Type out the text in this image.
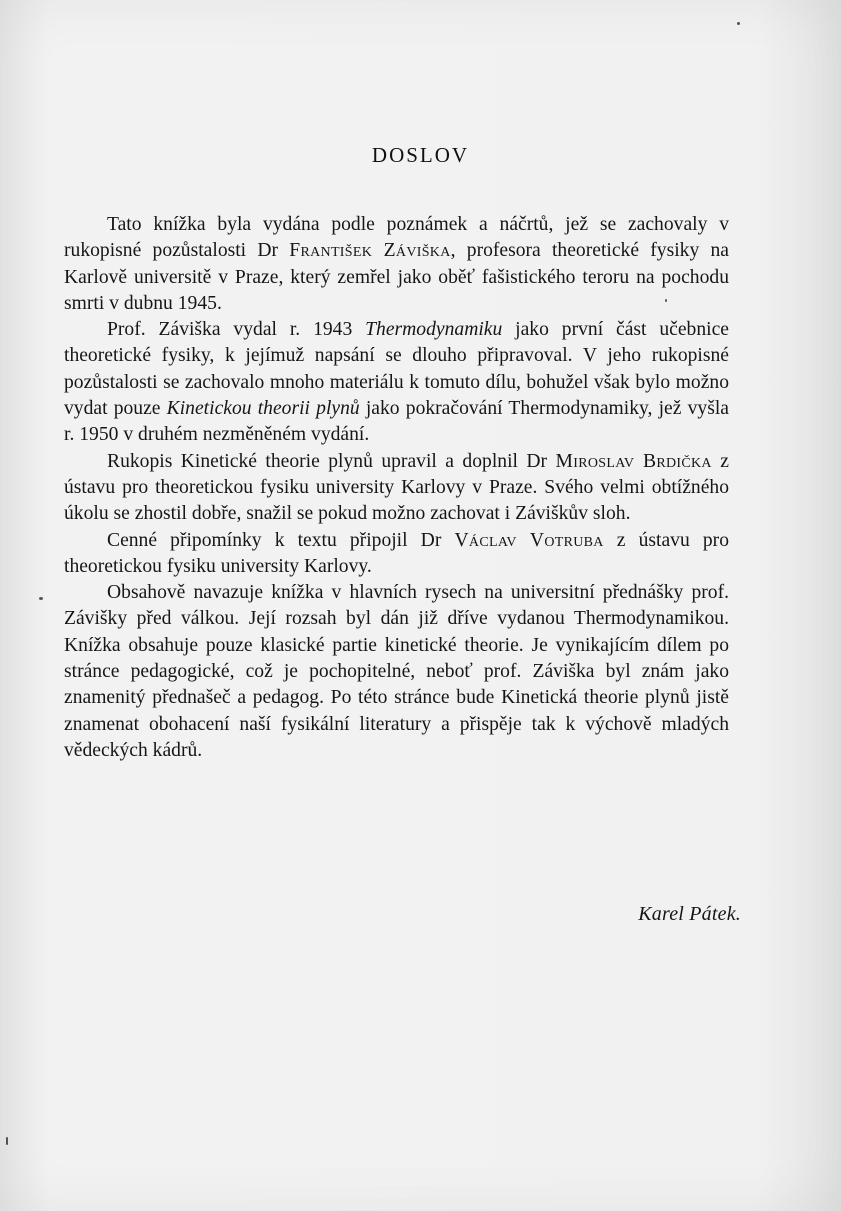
DOSLOV

Tato knížka byla vydána podle poznámek a náčrtů, jež se zachovaly v rukopisné pozůstalosti Dr František Záviška, profesora theoretické fysiky na Karlově universitě v Praze, který zemřel jako oběť fašistického teroru na pochodu smrti v dubnu 1945.

Prof. Záviška vydal r. 1943 Thermodynamiku jako první část učebnice theoretické fysiky, k jejímuž napsání se dlouho připravoval. V jeho rukopisné pozůstalosti se zachovalo mnoho materiálu k tomuto dílu, bohužel však bylo možno vydat pouze Kinetickou theorii plynů jako pokračování Thermodynamiky, jež vyšla r. 1950 v druhém nezměněném vydání.

Rukopis Kinetické theorie plynů upravil a doplnil Dr Miroslav Brdička z ústavu pro theoretickou fysiku university Karlovy v Praze. Svého velmi obtížného úkolu se zhostil dobře, snažil se pokud možno zachovat i Záviškův sloh.

Cenné připomínky k textu připojil Dr Václav Votruba z ústavu pro theoretickou fysiku university Karlovy.

Obsahově navazuje knížka v hlavních rysech na universitní přednášky prof. Závišky před válkou. Její rozsah byl dán již dříve vydanou Thermodynamikou. Knížka obsahuje pouze klasické partie kinetické theorie. Je vynikajícím dílem po stránce pedagogické, což je pochopitelné, neboť prof. Záviška byl znám jako znamenitý přednašeč a pedagog. Po této stránce bude Kinetická theorie plynů jistě znamenat obohacení naší fysikální literatury a přispěje tak k výchově mladých vědeckých kádrů.

Karel Pátek.
